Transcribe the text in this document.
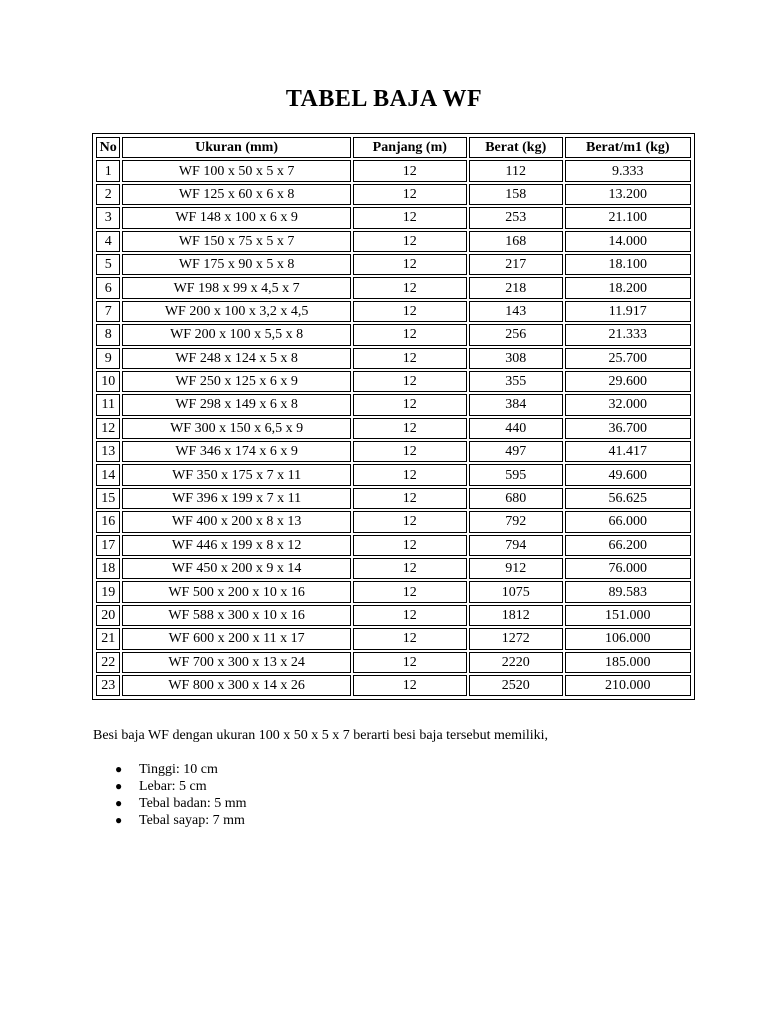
TABEL BAJA WF
No	Ukuran (mm)	Panjang (m)	Berat (kg)	Berat/m1 (kg)
1	WF 100 x 50 x 5 x 7	12	112	9.333
2	WF 125 x 60 x 6 x 8	12	158	13.200
3	WF 148 x 100 x 6 x 9	12	253	21.100
4	WF 150 x 75 x 5 x 7	12	168	14.000
5	WF 175 x 90 x 5 x 8	12	217	18.100
6	WF 198 x 99 x 4,5 x 7	12	218	18.200
7	WF 200 x 100 x 3,2 x 4,5	12	143	11.917
8	WF 200 x 100 x 5,5 x 8	12	256	21.333
9	WF 248 x 124 x 5 x 8	12	308	25.700
10	WF 250 x 125 x 6 x 9	12	355	29.600
11	WF 298 x 149 x 6 x 8	12	384	32.000
12	WF 300 x 150 x 6,5 x 9	12	440	36.700
13	WF 346 x 174 x 6 x 9	12	497	41.417
14	WF 350 x 175 x 7 x 11	12	595	49.600
15	WF 396 x 199 x 7 x 11	12	680	56.625
16	WF 400 x 200 x 8 x 13	12	792	66.000
17	WF 446 x 199 x 8 x 12	12	794	66.200
18	WF 450 x 200 x 9 x 14	12	912	76.000
19	WF 500 x 200 x 10 x 16	12	1075	89.583
20	WF 588 x 300 x 10 x 16	12	1812	151.000
21	WF 600 x 200 x 11 x 17	12	1272	106.000
22	WF 700 x 300 x 13 x 24	12	2220	185.000
23	WF 800 x 300 x 14 x 26	12	2520	210.000
Besi baja WF dengan ukuran 100 x 50 x 5 x 7 berarti besi baja tersebut memiliki,
● Tinggi: 10 cm
● Lebar: 5 cm
● Tebal badan: 5 mm
● Tebal sayap: 7 mm
